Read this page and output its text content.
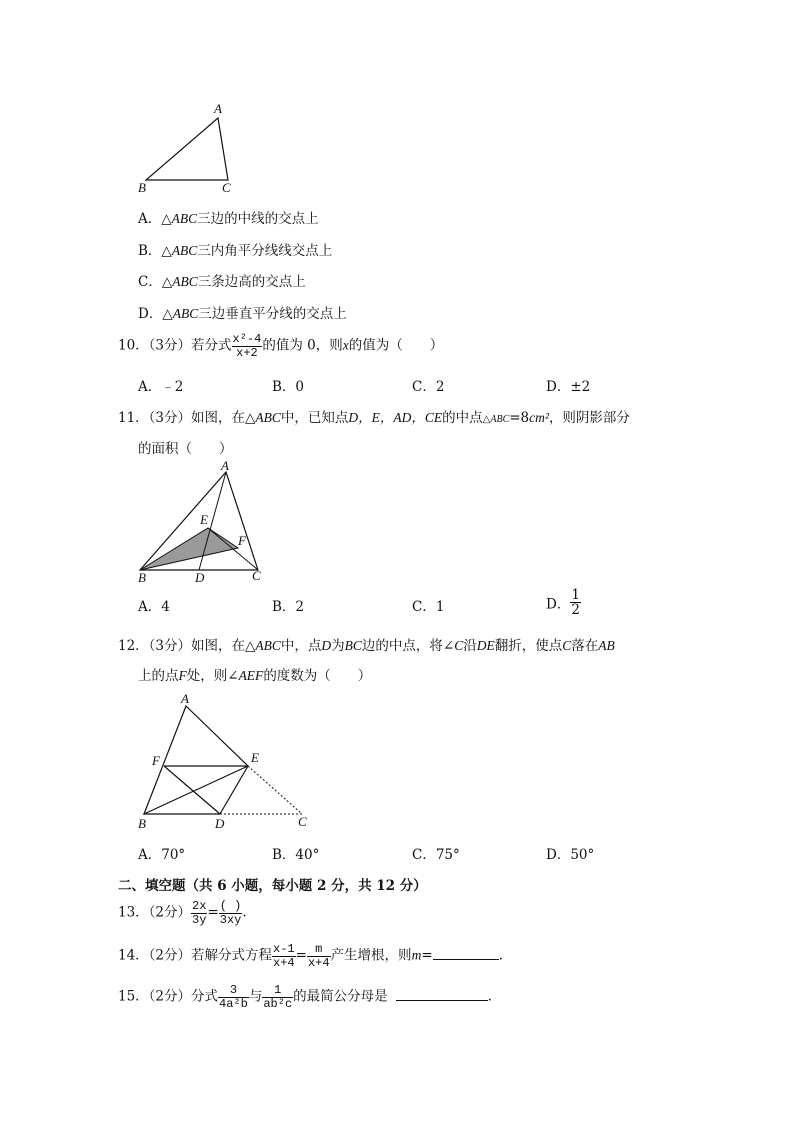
A
B	C
A．△ABC三边的中线的交点上
B．△ABC三内角平分线线交点上
C．△ABC三条边高的交点上
D．△ABC三边垂直平分线的交点上
10．（3分）若分式 $\frac{\text{x²-4}}{x+2}$ 的值为 0，则x的值为（　　）
A．﹣2	B．0	C．2	D．±2
11．（3分）如图，在△ABC中，已知点D，E，AD，CE的中点△ABC=8cm²，则阴影部分
的面积（　　）
A
E
F
B	D	C
A．4	B．2	C．1	D． $\frac{1}{2}$
12．（3分）如图，在△ABC中，点D为BC边的中点，将∠C沿DE翻折，使点C落在AB
上的点F处，则∠AEF的度数为（　　）
A
F	E
B	D	C
A．70°	B．40°	C．75°	D．50°
二、填空题（共 6 小题，每小题 2 分，共 12 分）
13．（2分） $\frac{2x}{3y} = \frac{( )}{3xy}$ .
14．（2分）若解分式方程 $\frac{x-1}{x+4} = \frac{m}{x+4}$ 产生增根，则m=	.
15．（2分）分式 $\frac{3}{\text{4a²b}}$ 与 $\frac{1}{\text{ab²c}}$ 的最简公分母是	.
